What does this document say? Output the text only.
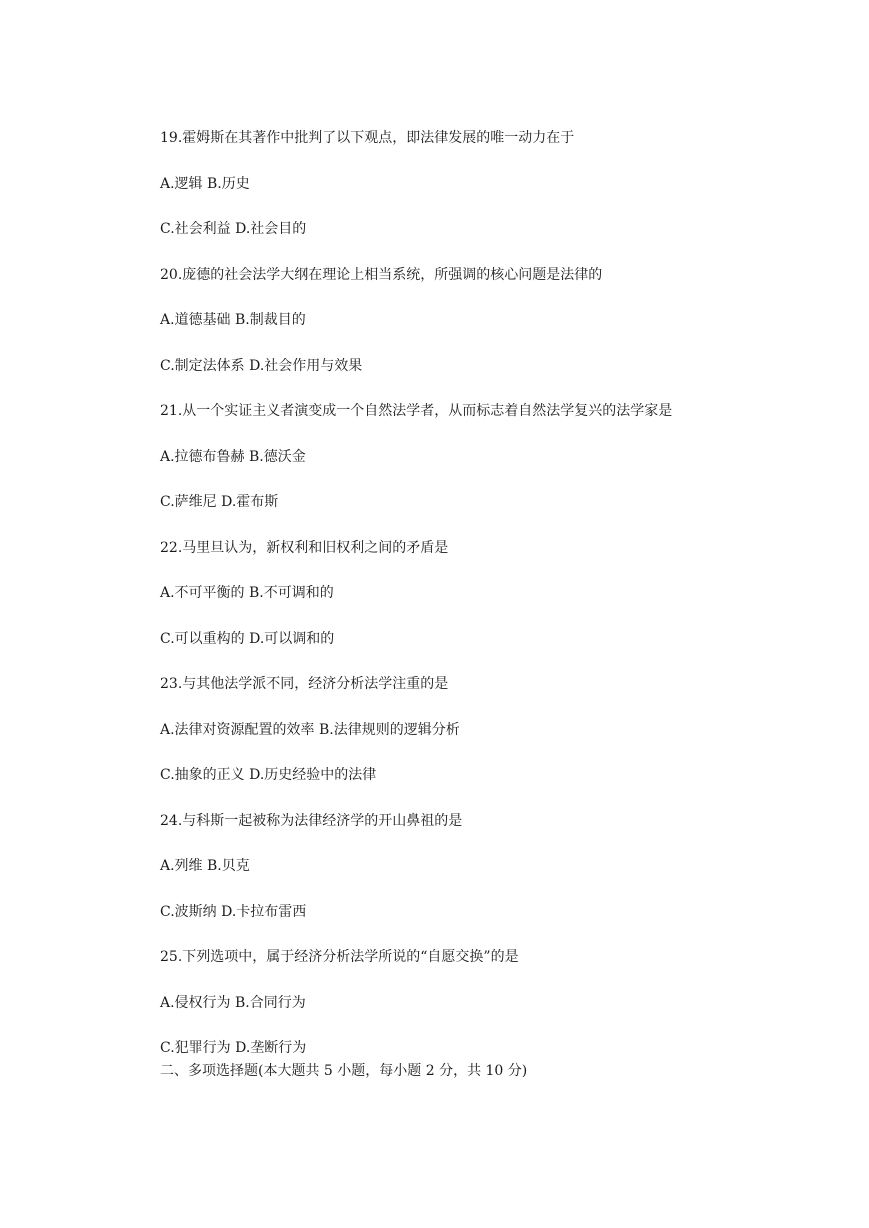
19.霍姆斯在其著作中批判了以下观点，即法律发展的唯一动力在于

A.逻辑 B.历史

C.社会利益 D.社会目的

20.庞德的社会法学大纲在理论上相当系统，所强调的核心问题是法律的

A.道德基础 B.制裁目的

C.制定法体系 D.社会作用与效果

21.从一个实证主义者演变成一个自然法学者，从而标志着自然法学复兴的法学家是

A.拉德布鲁赫 B.德沃金

C.萨维尼 D.霍布斯

22.马里旦认为，新权利和旧权利之间的矛盾是

A.不可平衡的 B.不可调和的

C.可以重构的 D.可以调和的

23.与其他法学派不同，经济分析法学注重的是

A.法律对资源配置的效率 B.法律规则的逻辑分析

C.抽象的正义 D.历史经验中的法律

24.与科斯一起被称为法律经济学的开山鼻祖的是

A.列维 B.贝克

C.波斯纳 D.卡拉布雷西

25.下列选项中，属于经济分析法学所说的“自愿交换”的是

A.侵权行为 B.合同行为

C.犯罪行为 D.垄断行为

二、多项选择题(本大题共 5 小题，每小题 2 分，共 10 分)
